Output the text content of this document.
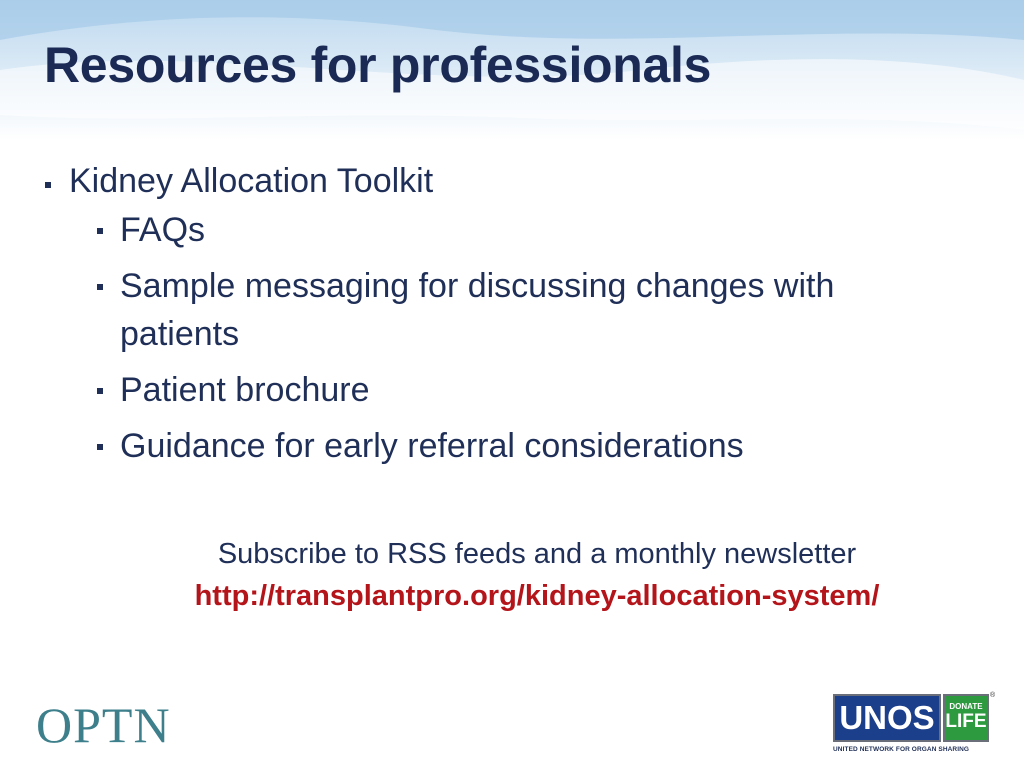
Resources for professionals
Kidney Allocation Toolkit
FAQs
Sample messaging for discussing changes with
patients
Patient brochure
Guidance for early referral considerations
Subscribe to RSS feeds and a monthly newsletter
http://transplantpro.org/kidney-allocation-system/
OPTN	UNOS	DONATE
LIFE
®
UNITED NETWORK FOR ORGAN SHARING
